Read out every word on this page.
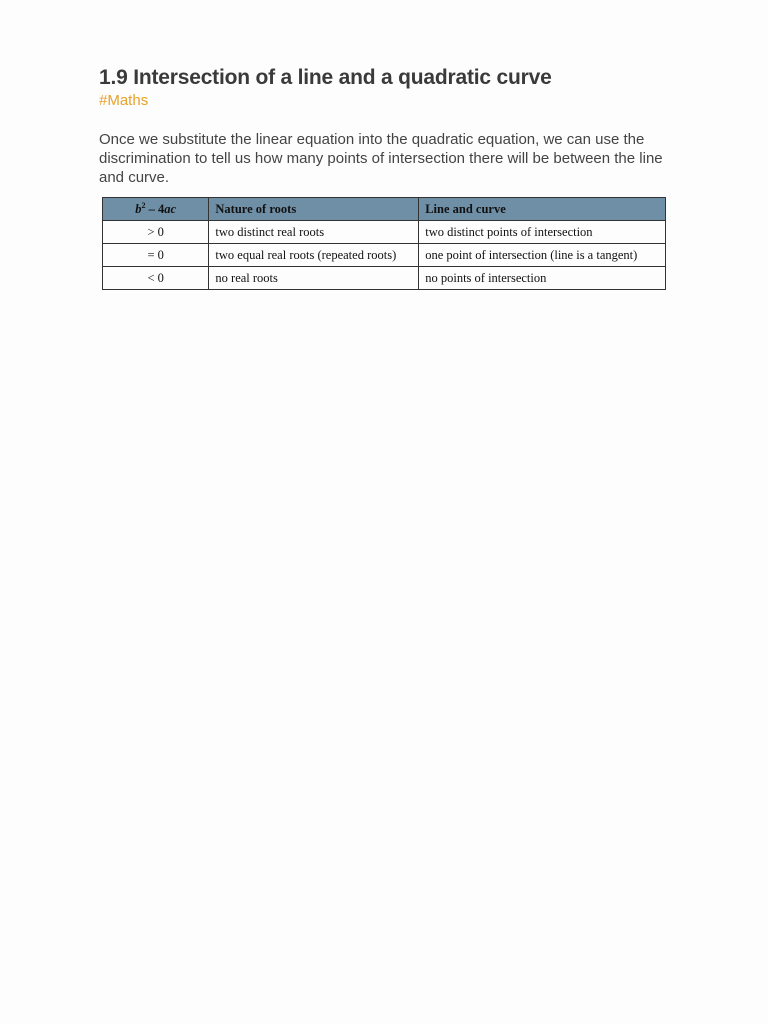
1.9 Intersection of a line and a quadratic curve
#Maths

Once we substitute the linear equation into the quadratic equation, we can use the discrimination to tell us how many points of intersection there will be between the line and curve.

$b^2 - 4ac$	Nature of roots	Line and curve
> 0	two distinct real roots	two distinct points of intersection
= 0	two equal real roots (repeated roots)	one point of intersection (line is a tangent)
< 0	no real roots	no points of intersection
